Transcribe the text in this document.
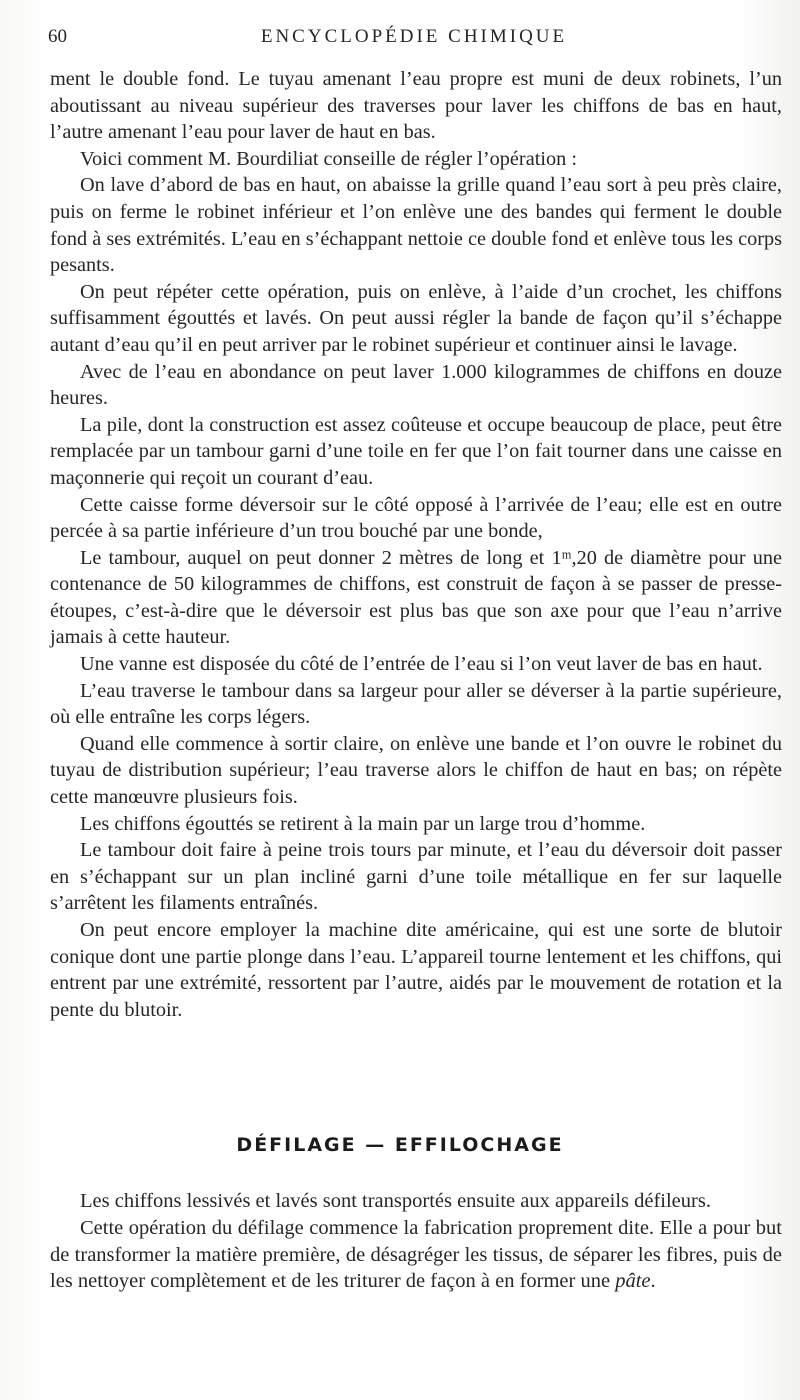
60	ENCYCLOPÉDIE CHIMIQUE

ment le double fond. Le tuyau amenant l’eau propre est muni de deux robinets, l’un aboutissant au niveau supérieur des traverses pour laver les chiffons de bas en haut, l’autre amenant l’eau pour laver de haut en bas.

Voici comment M. Bourdiliat conseille de régler l’opération :

On lave d’abord de bas en haut, on abaisse la grille quand l’eau sort à peu près claire, puis on ferme le robinet inférieur et l’on enlève une des bandes qui ferment le double fond à ses extrémités. L’eau en s’échappant nettoie ce double fond et enlève tous les corps pesants.

On peut répéter cette opération, puis on enlève, à l’aide d’un crochet, les chiffons suffisamment égouttés et lavés. On peut aussi régler la bande de façon qu’il s’échappe autant d’eau qu’il en peut arriver par le robinet supérieur et continuer ainsi le lavage.

Avec de l’eau en abondance on peut laver 1.000 kilogrammes de chiffons en douze heures.

La pile, dont la construction est assez coûteuse et occupe beaucoup de place, peut être remplacée par un tambour garni d’une toile en fer que l’on fait tourner dans une caisse en maçonnerie qui reçoit un courant d’eau.

Cette caisse forme déversoir sur le côté opposé à l’arrivée de l’eau; elle est en outre percée à sa partie inférieure d’un trou bouché par une bonde,

Le tambour, auquel on peut donner 2 mètres de long et 1ᵐ,20 de diamètre pour une contenance de 50 kilogrammes de chiffons, est construit de façon à se passer de presse-étoupes, c’est-à-dire que le déversoir est plus bas que son axe pour que l’eau n’arrive jamais à cette hauteur.

Une vanne est disposée du côté de l’entrée de l’eau si l’on veut laver de bas en haut.

L’eau traverse le tambour dans sa largeur pour aller se déverser à la partie supérieure, où elle entraîne les corps légers.

Quand elle commence à sortir claire, on enlève une bande et l’on ouvre le robinet du tuyau de distribution supérieur; l’eau traverse alors le chiffon de haut en bas; on répète cette manœuvre plusieurs fois.

Les chiffons égouttés se retirent à la main par un large trou d’homme.

Le tambour doit faire à peine trois tours par minute, et l’eau du déversoir doit passer en s’échappant sur un plan incliné garni d’une toile métallique en fer sur laquelle s’arrêtent les filaments entraînés.

On peut encore employer la machine dite américaine, qui est une sorte de blutoir conique dont une partie plonge dans l’eau. L’appareil tourne lentement et les chiffons, qui entrent par une extrémité, ressortent par l’autre, aidés par le mouvement de rotation et la pente du blutoir.

DÉFILAGE — EFFILOCHAGE

Les chiffons lessivés et lavés sont transportés ensuite aux appareils défileurs.

Cette opération du défilage commence la fabrication proprement dite. Elle a pour but de transformer la matière première, de désagréger les tissus, de séparer les fibres, puis de les nettoyer complètement et de les triturer de façon à en former une pâte.
